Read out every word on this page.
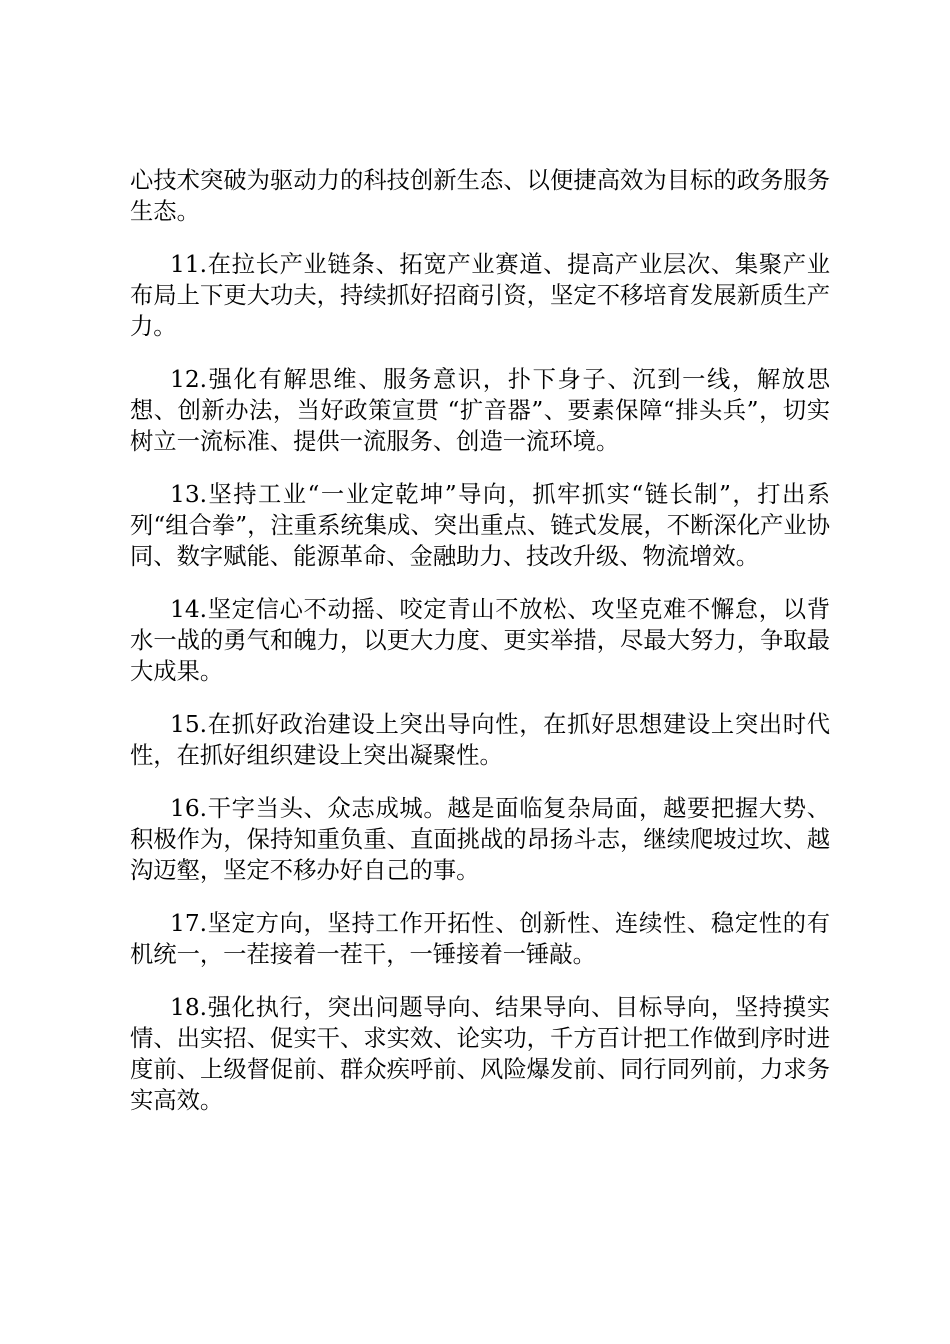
心技术突破为驱动力的科技创新生态、以便捷高效为目标的政务服务生态。

11.在拉长产业链条、拓宽产业赛道、提高产业层次、集聚产业布局上下更大功夫，持续抓好招商引资，坚定不移培育发展新质生产力。

12.强化有解思维、服务意识，扑下身子、沉到一线，解放思想、创新办法，当好政策宣贯 “扩音器”、要素保障“排头兵”，切实树立一流标准、提供一流服务、创造一流环境。

13.坚持工业“一业定乾坤”导向，抓牢抓实“链长制”，打出系列“组合拳”，注重系统集成、突出重点、链式发展，不断深化产业协同、数字赋能、能源革命、金融助力、技改升级、物流增效。

14.坚定信心不动摇、咬定青山不放松、攻坚克难不懈怠，以背水一战的勇气和魄力，以更大力度、更实举措，尽最大努力，争取最大成果。

15.在抓好政治建设上突出导向性，在抓好思想建设上突出时代性，在抓好组织建设上突出凝聚性。

16.干字当头、众志成城。越是面临复杂局面，越要把握大势、积极作为，保持知重负重、直面挑战的昂扬斗志，继续爬坡过坎、越沟迈壑，坚定不移办好自己的事。

17.坚定方向，坚持工作开拓性、创新性、连续性、稳定性的有机统一，一茬接着一茬干，一锤接着一锤敲。

18.强化执行，突出问题导向、结果导向、目标导向，坚持摸实情、出实招、促实干、求实效、论实功，千方百计把工作做到序时进度前、上级督促前、群众疾呼前、风险爆发前、同行同列前，力求务实高效。
